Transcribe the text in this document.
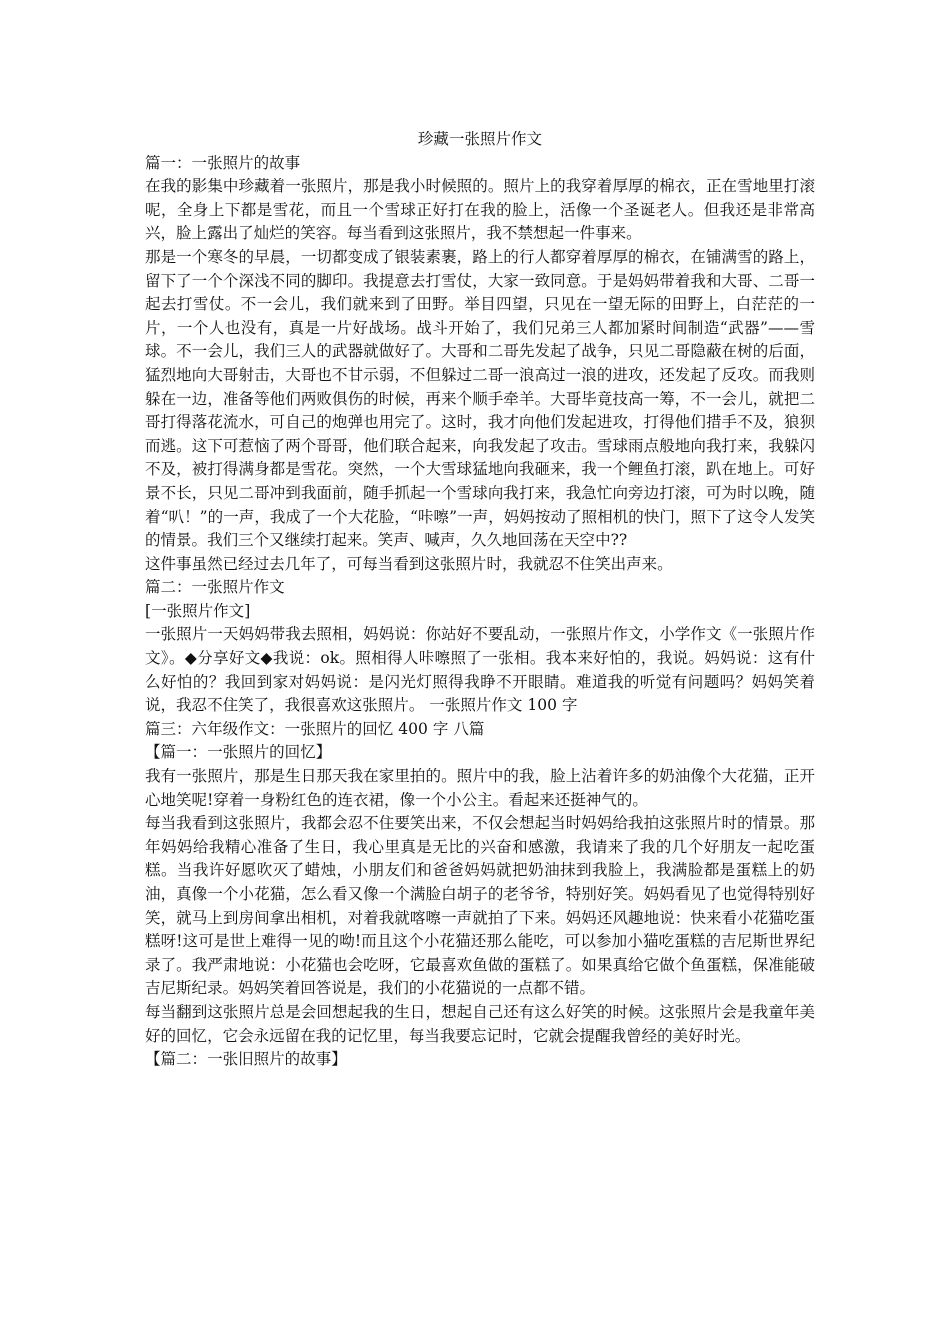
珍藏一张照片作文
篇一：一张照片的故事
在我的影集中珍藏着一张照片，那是我小时候照的。照片上的我穿着厚厚的棉衣，正在雪地里打滚呢，全身上下都是雪花，而且一个雪球正好打在我的脸上，活像一个圣诞老人。但我还是非常高兴，脸上露出了灿烂的笑容。每当看到这张照片，我不禁想起一件事来。
那是一个寒冬的早晨，一切都变成了银装素裹，路上的行人都穿着厚厚的棉衣，在铺满雪的路上，留下了一个个深浅不同的脚印。我提意去打雪仗，大家一致同意。于是妈妈带着我和大哥、二哥一起去打雪仗。不一会儿，我们就来到了田野。举目四望，只见在一望无际的田野上，白茫茫的一片，一个人也没有，真是一片好战场。战斗开始了，我们兄弟三人都加紧时间制造“武器”——雪球。不一会儿，我们三人的武器就做好了。大哥和二哥先发起了战争，只见二哥隐蔽在树的后面，猛烈地向大哥射击，大哥也不甘示弱，不但躲过二哥一浪高过一浪的进攻，还发起了反攻。而我则躲在一边，准备等他们两败俱伤的时候，再来个顺手牵羊。大哥毕竟技高一筹，不一会儿，就把二哥打得落花流水，可自己的炮弹也用完了。这时，我才向他们发起进攻，打得他们措手不及，狼狈而逃。这下可惹恼了两个哥哥，他们联合起来，向我发起了攻击。雪球雨点般地向我打来，我躲闪不及，被打得满身都是雪花。突然，一个大雪球猛地向我砸来，我一个鲤鱼打滚，趴在地上。可好景不长，只见二哥冲到我面前，随手抓起一个雪球向我打来，我急忙向旁边打滚，可为时以晚，随着“叭！”的一声，我成了一个大花脸，“咔嚓”一声，妈妈按动了照相机的快门，照下了这令人发笑的情景。我们三个又继续打起来。笑声、喊声，久久地回荡在天空中??
这件事虽然已经过去几年了，可每当看到这张照片时，我就忍不住笑出声来。
篇二：一张照片作文
[一张照片作文]
一张照片一天妈妈带我去照相，妈妈说：你站好不要乱动，一张照片作文，小学作文《一张照片作文》。◆分享好文◆我说：ok。照相得人咔嚓照了一张相。我本来好怕的，我说。妈妈说：这有什么好怕的？我回到家对妈妈说：是闪光灯照得我睁不开眼睛。难道我的听觉有问题吗？妈妈笑着说，我忍不住笑了，我很喜欢这张照片。 一张照片作文 100 字
篇三：六年级作文：一张照片的回忆 400 字 八篇
【篇一：一张照片的回忆】
我有一张照片，那是生日那天我在家里拍的。照片中的我，脸上沾着许多的奶油像个大花猫，正开心地笑呢!穿着一身粉红色的连衣裙，像一个小公主。看起来还挺神气的。
每当我看到这张照片，我都会忍不住要笑出来，不仅会想起当时妈妈给我拍这张照片时的情景。那年妈妈给我精心准备了生日，我心里真是无比的兴奋和感激，我请来了我的几个好朋友一起吃蛋糕。当我许好愿吹灭了蜡烛，小朋友们和爸爸妈妈就把奶油抹到我脸上，我满脸都是蛋糕上的奶油，真像一个小花猫，怎么看又像一个满脸白胡子的老爷爷，特别好笑。妈妈看见了也觉得特别好笑，就马上到房间拿出相机，对着我就喀嚓一声就拍了下来。妈妈还风趣地说：快来看小花猫吃蛋糕呀!这可是世上难得一见的呦!而且这个小花猫还那么能吃，可以参加小猫吃蛋糕的吉尼斯世界纪录了。我严肃地说：小花猫也会吃呀，它最喜欢鱼做的蛋糕了。如果真给它做个鱼蛋糕，保准能破吉尼斯纪录。妈妈笑着回答说是，我们的小花猫说的一点都不错。
每当翻到这张照片总是会回想起我的生日，想起自己还有这么好笑的时候。这张照片会是我童年美好的回忆，它会永远留在我的记忆里，每当我要忘记时，它就会提醒我曾经的美好时光。
【篇二：一张旧照片的故事】
